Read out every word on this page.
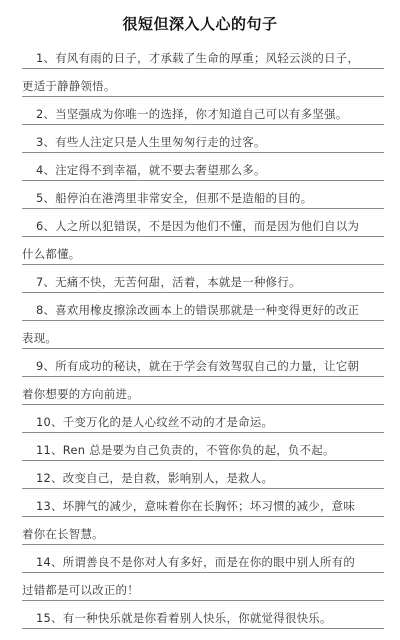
很短但深入人心的句子
1、有风有雨的日子，才承载了生命的厚重；风轻云淡的日子，
更适于静静领悟。
2、当坚强成为你唯一的选择，你才知道自己可以有多坚强。
3、有些人注定只是人生里匆匆行走的过客。
4、注定得不到幸福，就不要去奢望那么多。
5、船停泊在港湾里非常安全，但那不是造船的目的。
6、人之所以犯错误，不是因为他们不懂，而是因为他们自以为
什么都懂。
7、无痛不快，无苦何甜，活着，本就是一种修行。
8、喜欢用橡皮擦涂改画本上的错误那就是一种变得更好的改正
表现。
9、所有成功的秘诀，就在于学会有效驾驭自己的力量，让它朝
着你想要的方向前进。
10、千变万化的是人心纹丝不动的才是命运。
11、Ren 总是要为自己负责的，不管你负的起，负不起。
12、改变自己，是自救，影响别人，是救人。
13、坏脾气的减少，意味着你在长胸怀；坏习惯的减少，意味
着你在长智慧。
14、所谓善良不是你对人有多好，而是在你的眼中别人所有的
过错都是可以改正的！
15、有一种快乐就是你看着别人快乐，你就觉得很快乐。
